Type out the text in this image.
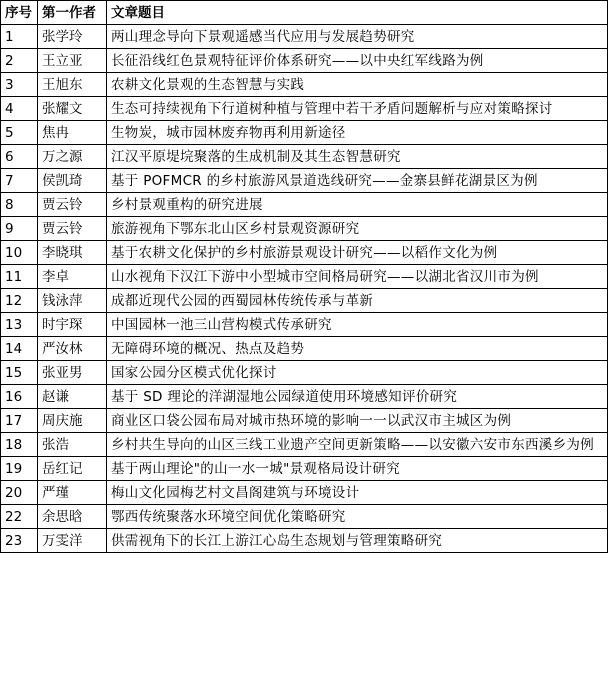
序号	第一作者	文章题目
1	张学玲	两山理念导向下景观遥感当代应用与发展趋势研究
2	王立亚	长征沿线红色景观特征评价体系研究——以中央红军线路为例
3	王旭东	农耕文化景观的生态智慧与实践
4	张耀文	生态可持续视角下行道树种植与管理中若干矛盾问题解析与应对策略探讨
5	焦冉	生物炭，城市园林废弃物再利用新途径
6	万之源	江汉平原堤垸聚落的生成机制及其生态智慧研究
7	侯凯琦	基于 POFMCR 的乡村旅游风景道选线研究——金寨县鲜花湖景区为例
8	贾云铃	乡村景观重构的研究进展
9	贾云铃	旅游视角下鄂东北山区乡村景观资源研究
10	李晓琪	基于农耕文化保护的乡村旅游景观设计研究——以稻作文化为例
11	李卓	山水视角下汉江下游中小型城市空间格局研究——以湖北省汉川市为例
12	钱泳萍	成都近现代公园的西蜀园林传统传承与革新
13	时宇琛	中国园林一池三山营构模式传承研究
14	严汝林	无障碍环境的概况、热点及趋势
15	张亚男	国家公园分区模式优化探讨
16	赵谦	基于 SD 理论的洋湖湿地公园绿道使用环境感知评价研究
17	周庆施	商业区口袋公园布局对城市热环境的影响一一以武汉市主城区为例
18	张浩	乡村共生导向的山区三线工业遗产空间更新策略——以安徽六安市东西溪乡为例
19	岳红记	基于两山理论"的山一水一城"景观格局设计研究
20	严瑾	梅山文化园梅艺村文昌阁建筑与环境设计
22	余思晗	鄂西传统聚落水环境空间优化策略研究
23	万雯洋	供需视角下的长江上游江心岛生态规划与管理策略研究
